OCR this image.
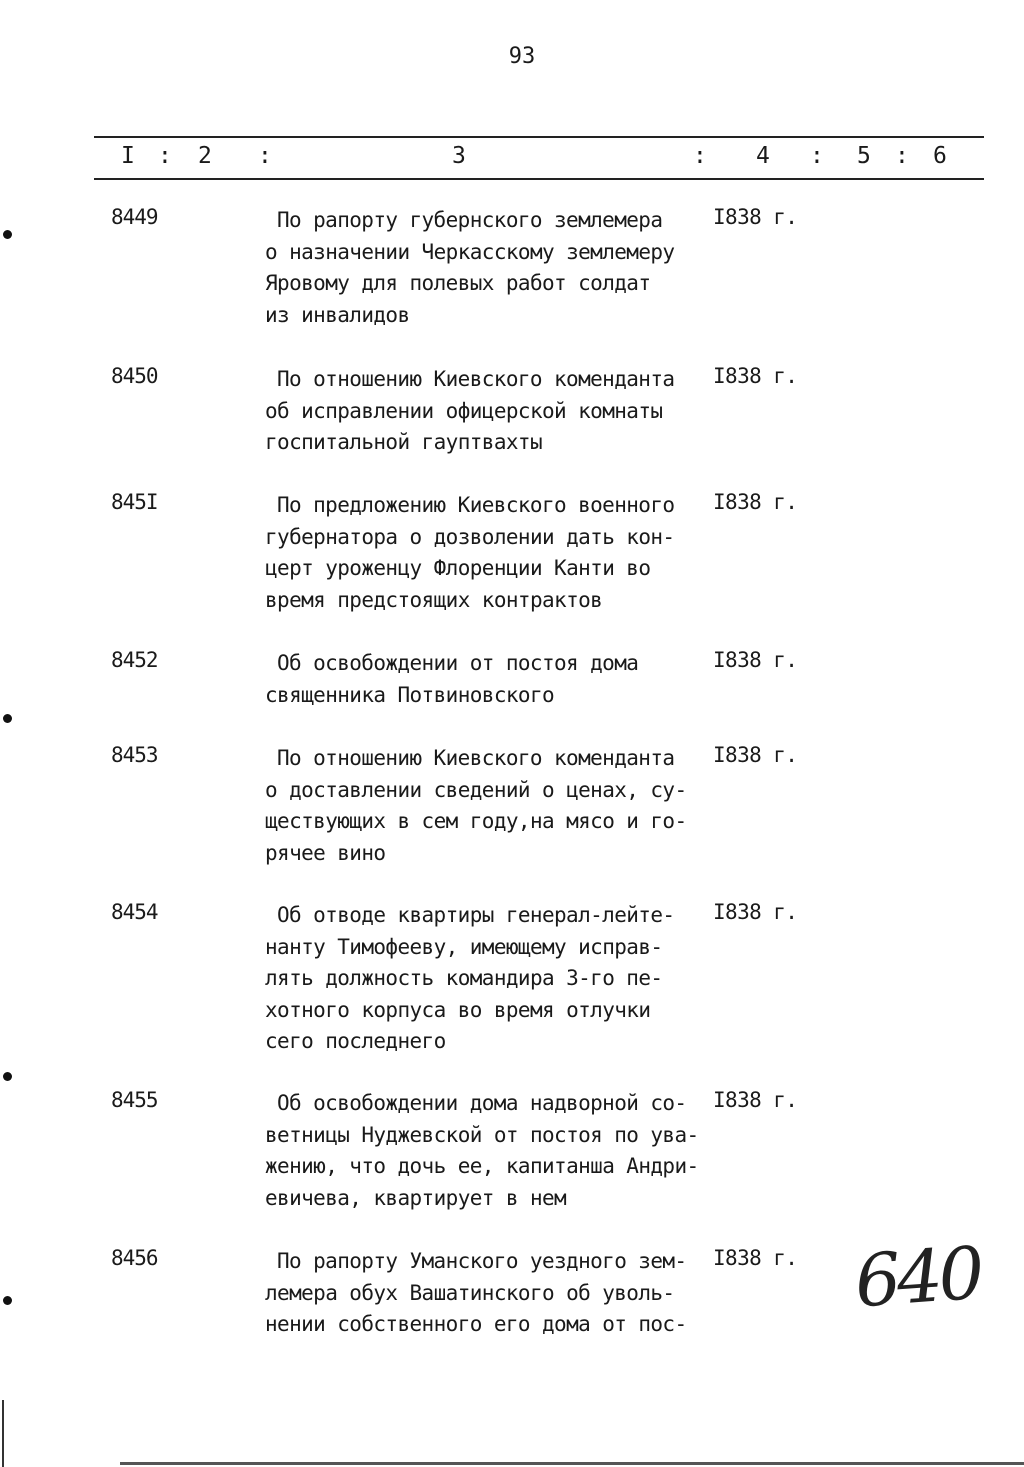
93
I : 2 :	3	: 4 : 5 : 6
8449	По рапорту губернского землемера
о назначении Черкасскому землемеру
Яровому для полевых работ солдат
из инвалидов
I838 г.
8450	По отношению Киевского коменданта
об исправлении офицерской комнаты
госпитальной гауптвахты
I838 г.
845I	По предложению Киевского военного
губернатора о дозволении дать кон-
церт уроженцу Флоренции Канти во
время предстоящих контрактов
I838 г.
8452	Об освобождении от постоя дома
священника Потвиновского
I838 г.
8453	По отношению Киевского коменданта
о доставлении сведений о ценах, су-
ществующих в сем году,на мясо и го-
рячее вино
I838 г.
8454	Об отводе квартиры генерал-лейте-
нанту Тимофееву, имеющему исправ-
лять должность командира 3-го пе-
хотного корпуса во время отлучки
сего последнего
I838 г.
8455	Об освобождении дома надворной со-
ветницы Нуджевской от постоя по ува-
жению, что дочь ее, капитанша Андри-
евичева, квартирует в нем
I838 г.
8456	По рапорту Уманского уездного зем-
лемера обух Вашатинского об уволь-
нении собственного его дома от пос-
I838 г. 640
